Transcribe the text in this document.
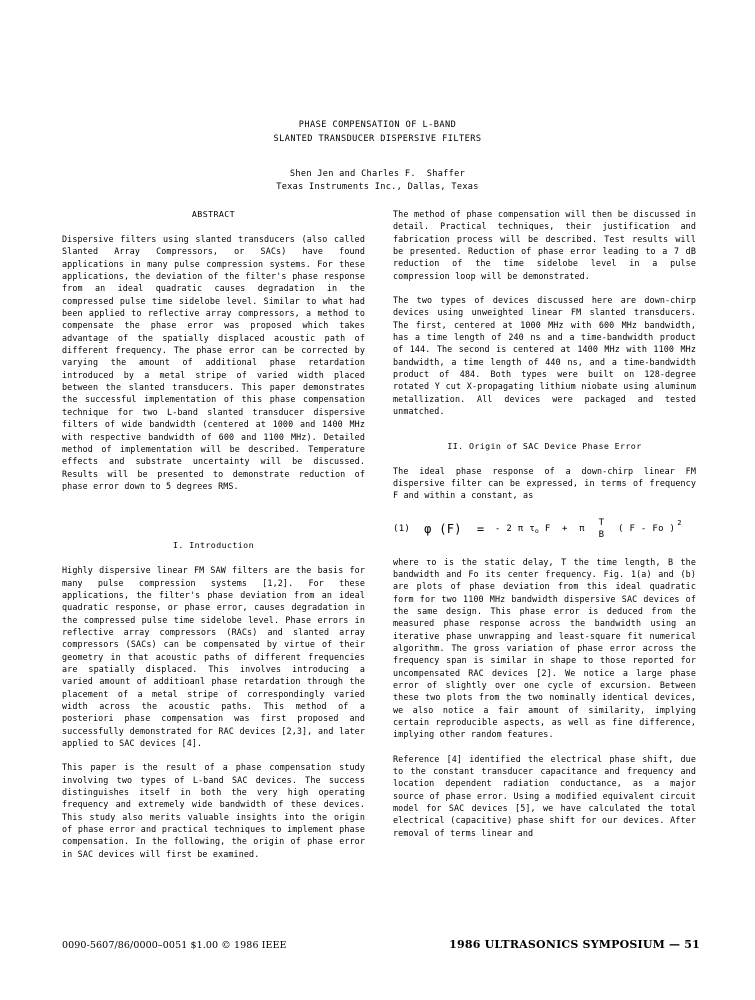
PHASE COMPENSATION OF L-BAND
SLANTED TRANSDUCER DISPERSIVE FILTERS
Shen Jen and Charles F.  Shaffer
Texas Instruments Inc., Dallas, Texas
ABSTRACT

Dispersive filters using slanted transducers (also called Slanted Array Compressors, or SACs) have found applications in many pulse compression systems. For these applications, the deviation of the filter's phase response from an ideal quadratic causes degradation in the compressed pulse time sidelobe level. Similar to what had been applied to reflective array compressors, a method to compensate the phase error was proposed which takes advantage of the spatially displaced acoustic path of different frequency. The phase error can be corrected by varying the amount of additional phase retardation introduced by a metal stripe of varied width placed between the slanted transducers. This paper demonstrates the successful implementation of this phase compensation technique for two L-band slanted transducer dispersive filters of wide bandwidth (centered at 1000 and 1400 MHz with respective bandwidth of 600 and 1100 MHz). Detailed method of implementation will be described. Temperature effects and substrate uncertainty will be discussed. Results will be presented to demonstrate reduction of phase error down to 5 degrees RMS.

I. Introduction

Highly dispersive linear FM SAW filters are the basis for many pulse compression systems [1,2]. For these applications, the filter's phase deviation from an ideal quadratic response, or phase error, causes degradation in the compressed pulse time sidelobe level. Phase errors in reflective array compressors (RACs) and slanted array compressors (SACs) can be compensated by virtue of their geometry in that acoustic paths of different frequencies are spatially displaced. This involves introducing a varied amount of additioanl phase retardation through the placement of a metal stripe of correspondingly varied width across the acoustic paths. This method of a posteriori phase compensation was first proposed and successfully demonstrated for RAC devices [2,3], and later applied to SAC devices [4].

This paper is the result of a phase compensation study involving two types of L-band SAC devices. The success distinguishes itself in both the very high operating frequency and extremely wide bandwidth of these devices. This study also merits valuable insights into the origin of phase error and practical techniques to implement phase compensation. In the following, the origin of phase error in SAC devices will first be examined.

The method of phase compensation will then be discussed in detail. Practical techniques, their justification and fabrication process will be described. Test results will be presented. Reduction of phase error leading to a 7 dB reduction of the time sidelobe level in a pulse compression loop will be demonstrated.

The two types of devices discussed here are down-chirp devices using unweighted linear FM slanted transducers. The first, centered at 1000 MHz with 600 MHz bandwidth, has a time length of 240 ns and a time-bandwidth product of 144. The second is centered at 1400 MHz with 1100 MHz bandwidth, a time length of 440 ns, and a time-bandwidth product of 484. Both types were built on 128-degree rotated Y cut X-propagating lithium niobate using aluminum metallization. All devices were packaged and tested unmatched.

II. Origin of SAC Device Phase Error

The ideal phase response of a down-chirp linear FM dispersive filter can be expressed, in terms of frequency F and within a constant, as

(1) φ (F)  = - 2 π τ o F  +  π
T
B
( F - Fo )
2

where τo is the static delay, T the time length, B the bandwidth and Fo its center frequency. Fig. 1(a) and (b) are plots of phase deviation from this ideal quadratic form for two 1100 MHz bandwidth dispersive SAC devices of the same design. This phase error is deduced from the measured phase response across the bandwidth using an iterative phase unwrapping and least-square fit numerical algorithm. The gross variation of phase error across the frequency span is similar in shape to those reported for uncompensated RAC devices [2]. We notice a large phase error of slightly over one cycle of excursion. Between these two plots from the two nominally identical devices, we also notice a fair amount of similarity, implying certain reproducible aspects, as well as fine difference, implying other random features.

Reference [4] identified the electrical phase shift, due to the constant transducer capacitance and frequency and location dependent radiation conductance, as a major source of phase error. Using a modified equivalent circuit model for SAC devices [5], we have calculated the total electrical (capacitive) phase shift for our devices. After removal of terms linear and

0090-5607/86/0000–0051 $1.00 © 1986 IEEE	1986 ULTRASONICS SYMPOSIUM — 51
